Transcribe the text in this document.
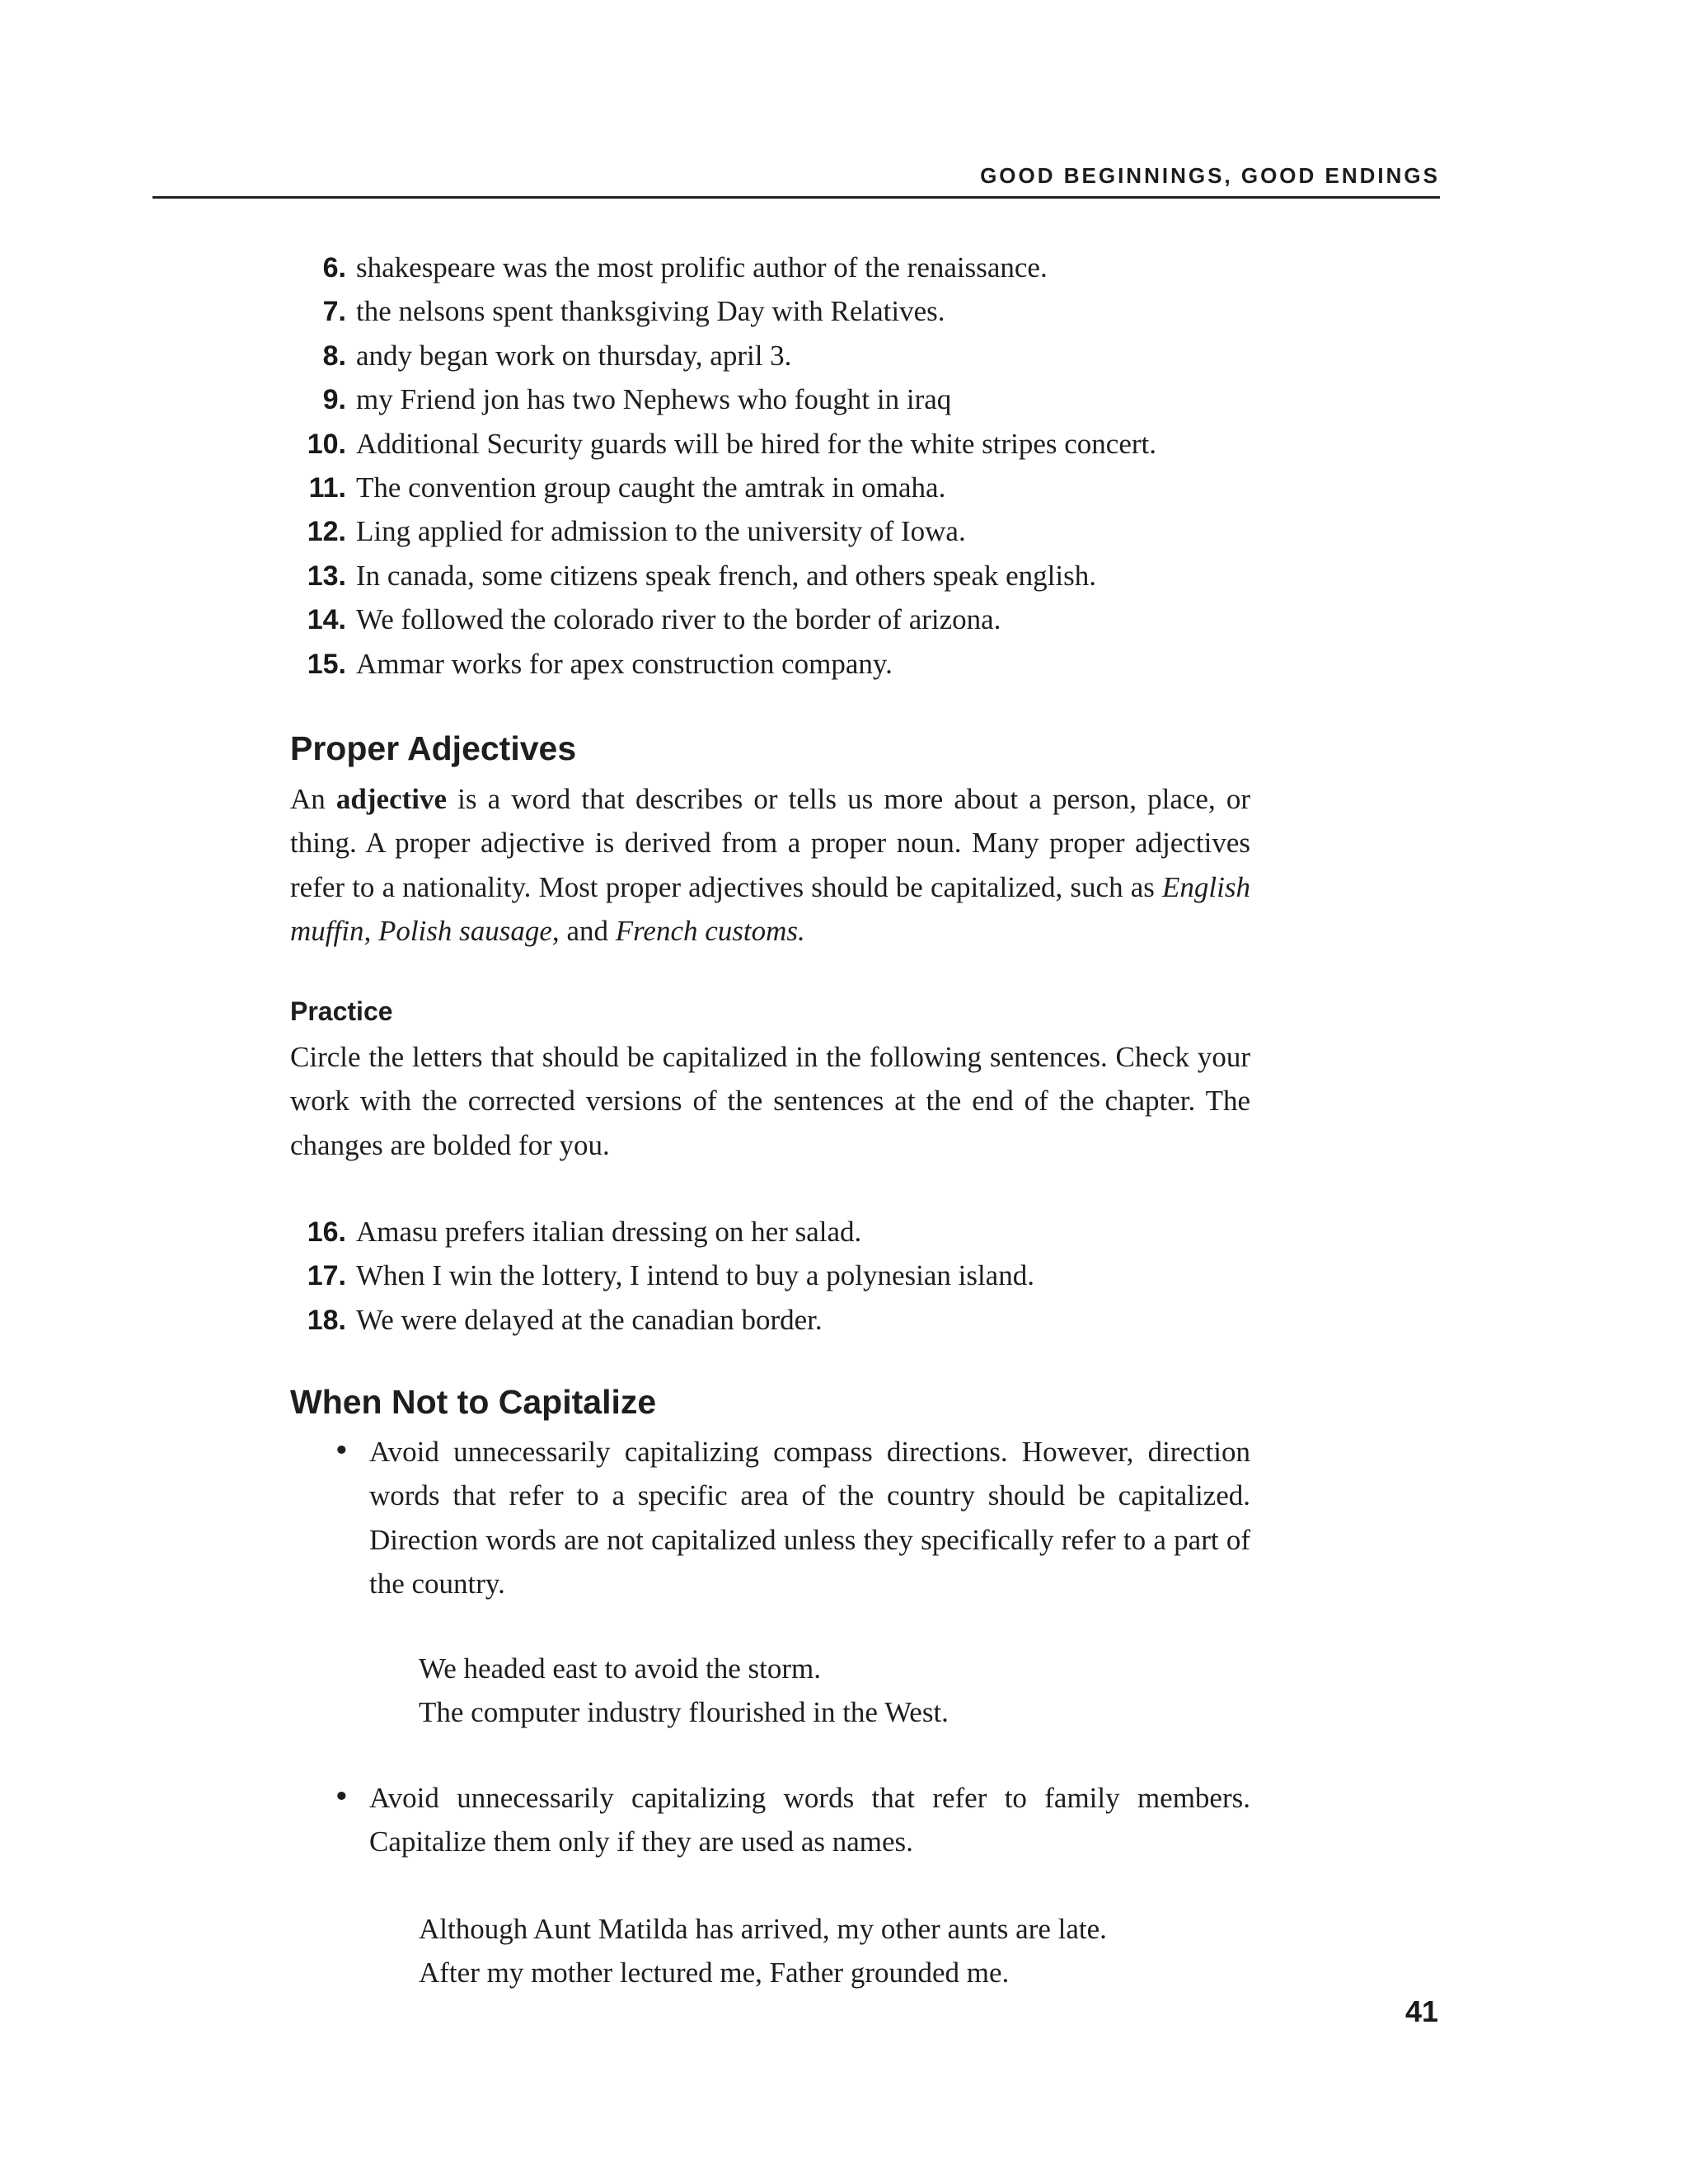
GOOD BEGINNINGS, GOOD ENDINGS
6. shakespeare was the most prolific author of the renaissance.
7. the nelsons spent thanksgiving Day with Relatives.
8. andy began work on thursday, april 3.
9. my Friend jon has two Nephews who fought in iraq
10. Additional Security guards will be hired for the white stripes concert.
11. The convention group caught the amtrak in omaha.
12. Ling applied for admission to the university of Iowa.
13. In canada, some citizens speak french, and others speak english.
14. We followed the colorado river to the border of arizona.
15. Ammar works for apex construction company.
Proper Adjectives

An adjective is a word that describes or tells us more about a person, place, or thing. A proper adjective is derived from a proper noun. Many proper adjectives refer to a nationality. Most proper adjectives should be capitalized, such as English muffin, Polish sausage, and French customs.

Practice

Circle the letters that should be capitalized in the following sentences. Check your work with the corrected versions of the sentences at the end of the chapter. The changes are bolded for you.

16. Amasu prefers italian dressing on her salad.
17. When I win the lottery, I intend to buy a polynesian island.
18. We were delayed at the canadian border.
When Not to Capitalize

• Avoid unnecessarily capitalizing compass directions. However, direction words that refer to a specific area of the country should be capitalized. Direction words are not capitalized unless they specifically refer to a part of the country.

We headed east to avoid the storm.
The computer industry flourished in the West.

• Avoid unnecessarily capitalizing words that refer to family members. Capitalize them only if they are used as names.

Although Aunt Matilda has arrived, my other aunts are late.
After my mother lectured me, Father grounded me.
41
